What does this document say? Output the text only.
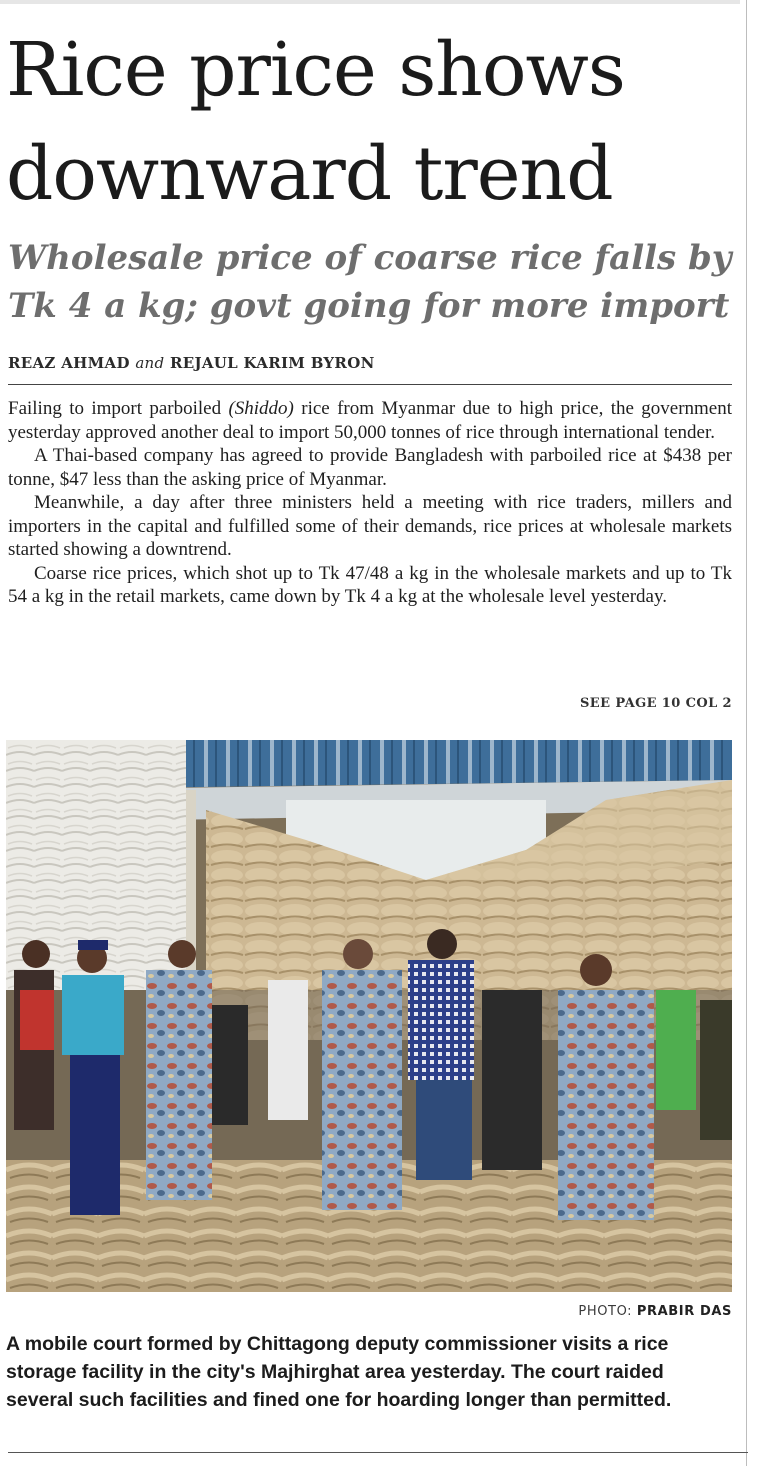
Rice price shows
downward trend
Wholesale price of coarse rice falls by
Tk 4 a kg; govt going for more import
REAZ AHMAD and REJAUL KARIM BYRON

Failing to import parboiled (Shiddo) rice from Myanmar due to high price, the government yesterday approved another deal to import 50,000 tonnes of rice through international tender.

A Thai-based company has agreed to provide Bangladesh with parboiled rice at $438 per tonne, $47 less than the asking price of Myanmar.

Meanwhile, a day after three ministers held a meeting with rice traders, millers and importers in the capital and fulfilled some of their demands, rice prices at wholesale markets started showing a downtrend.

Coarse rice prices, which shot up to Tk 47/48 a kg in the wholesale markets and up to Tk 54 a kg in the retail markets, came down by Tk 4 a kg at the wholesale level yesterday.

SEE PAGE 10 COL 2
PHOTO: PRABIR DAS
A mobile court formed by Chittagong deputy commissioner visits a rice storage facility in the city's Majhirghat area yesterday. The court raided several such facilities and fined one for hoarding longer than permitted.
